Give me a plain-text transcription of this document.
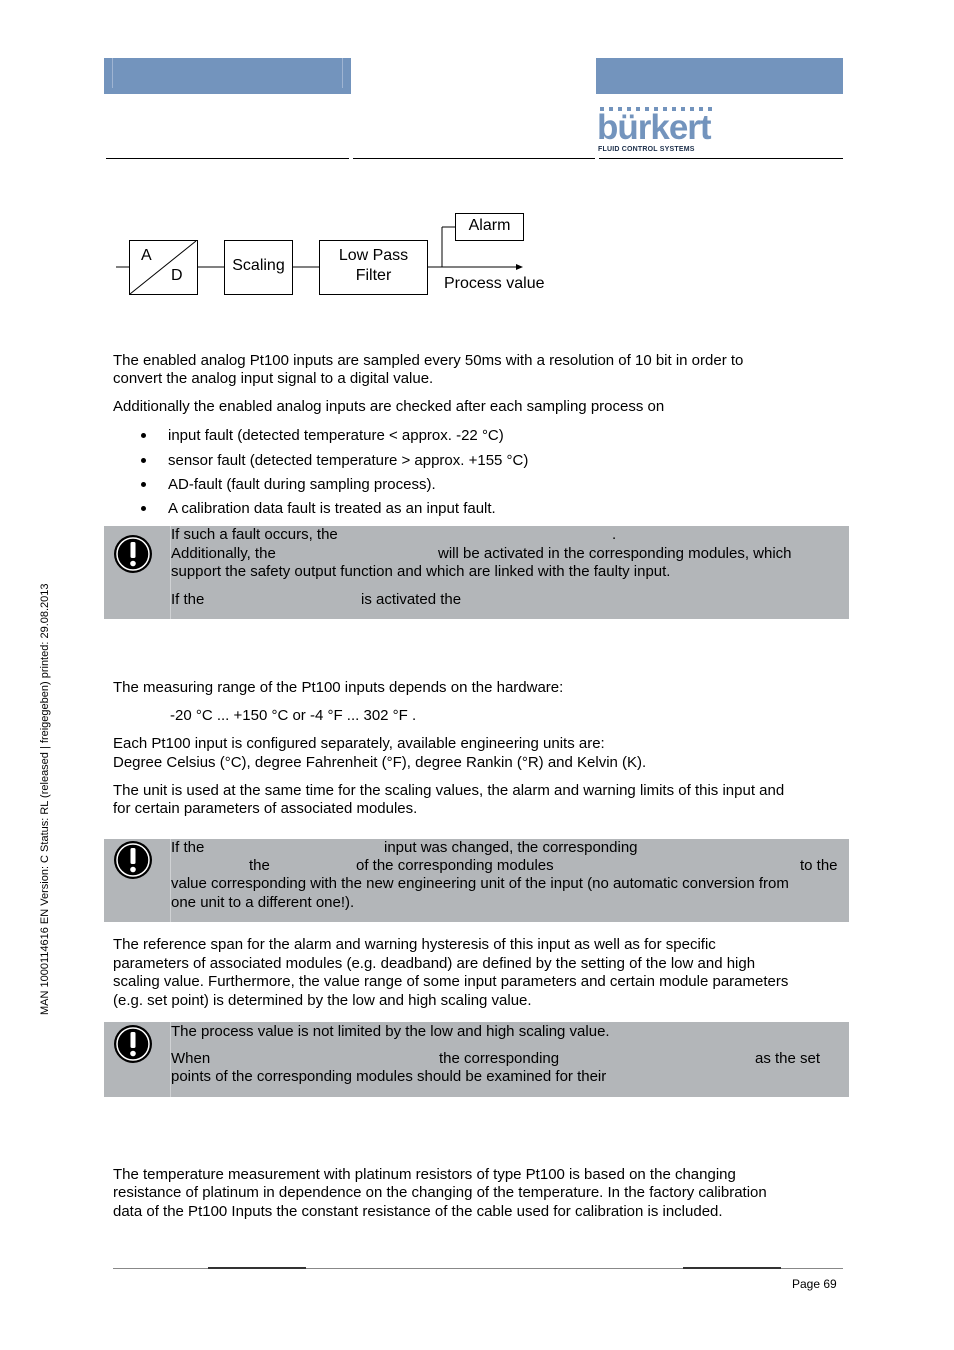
bürkert
FLUID CONTROL SYSTEMS
MAN 1000114616 EN Version: C Status: RL (released | freigegeben) printed: 29.08.2013
A
D
Scaling
Low Pass
Filter
Alarm
Process value
The enabled analog Pt100 inputs are sampled every 50ms with a resolution of 10 bit in order to
convert the analog input signal to a digital value.
Additionally the enabled analog inputs are checked after each sampling process on
input fault (detected temperature < approx. -22 °C)
sensor fault (detected temperature > approx. +155 °C)
AD-fault (fault during sampling process).
A calibration data fault is treated as an input fault.
If such a fault occurs, the	.
Additionally, the	will be activated in the corresponding modules, which
support the safety output function and which are linked with the faulty input.
If the	is activated the
The measuring range of the Pt100 inputs depends on the hardware:
-20 °C ... +150 °C or -4 °F ... 302 °F .
Each Pt100 input is configured separately, available engineering units are:
Degree Celsius (°C), degree Fahrenheit (°F), degree Rankin (°R) and Kelvin (K).
The unit is used at the same time for the scaling values, the alarm and warning limits of this input and
for certain parameters of associated modules.
If the	input was changed, the corresponding
the	of the corresponding modules	to the
value corresponding with the new engineering unit of the input (no automatic conversion from
one unit to a different one!).
The reference span for the alarm and warning hysteresis of this input as well as for specific
parameters of associated modules (e.g. deadband) are defined by the setting of the low and high
scaling value. Furthermore, the value range of some input parameters and certain module parameters
(e.g. set point) is determined by the low and high scaling value.
The process value is not limited by the low and high scaling value.
When	the corresponding	as the set
points of the corresponding modules should be examined for their
The temperature measurement with platinum resistors of type Pt100 is based on the changing
resistance of platinum in dependence on the changing of the temperature. In the factory calibration
data of the Pt100 Inputs the constant resistance of the cable used for calibration is included.
Page 69
